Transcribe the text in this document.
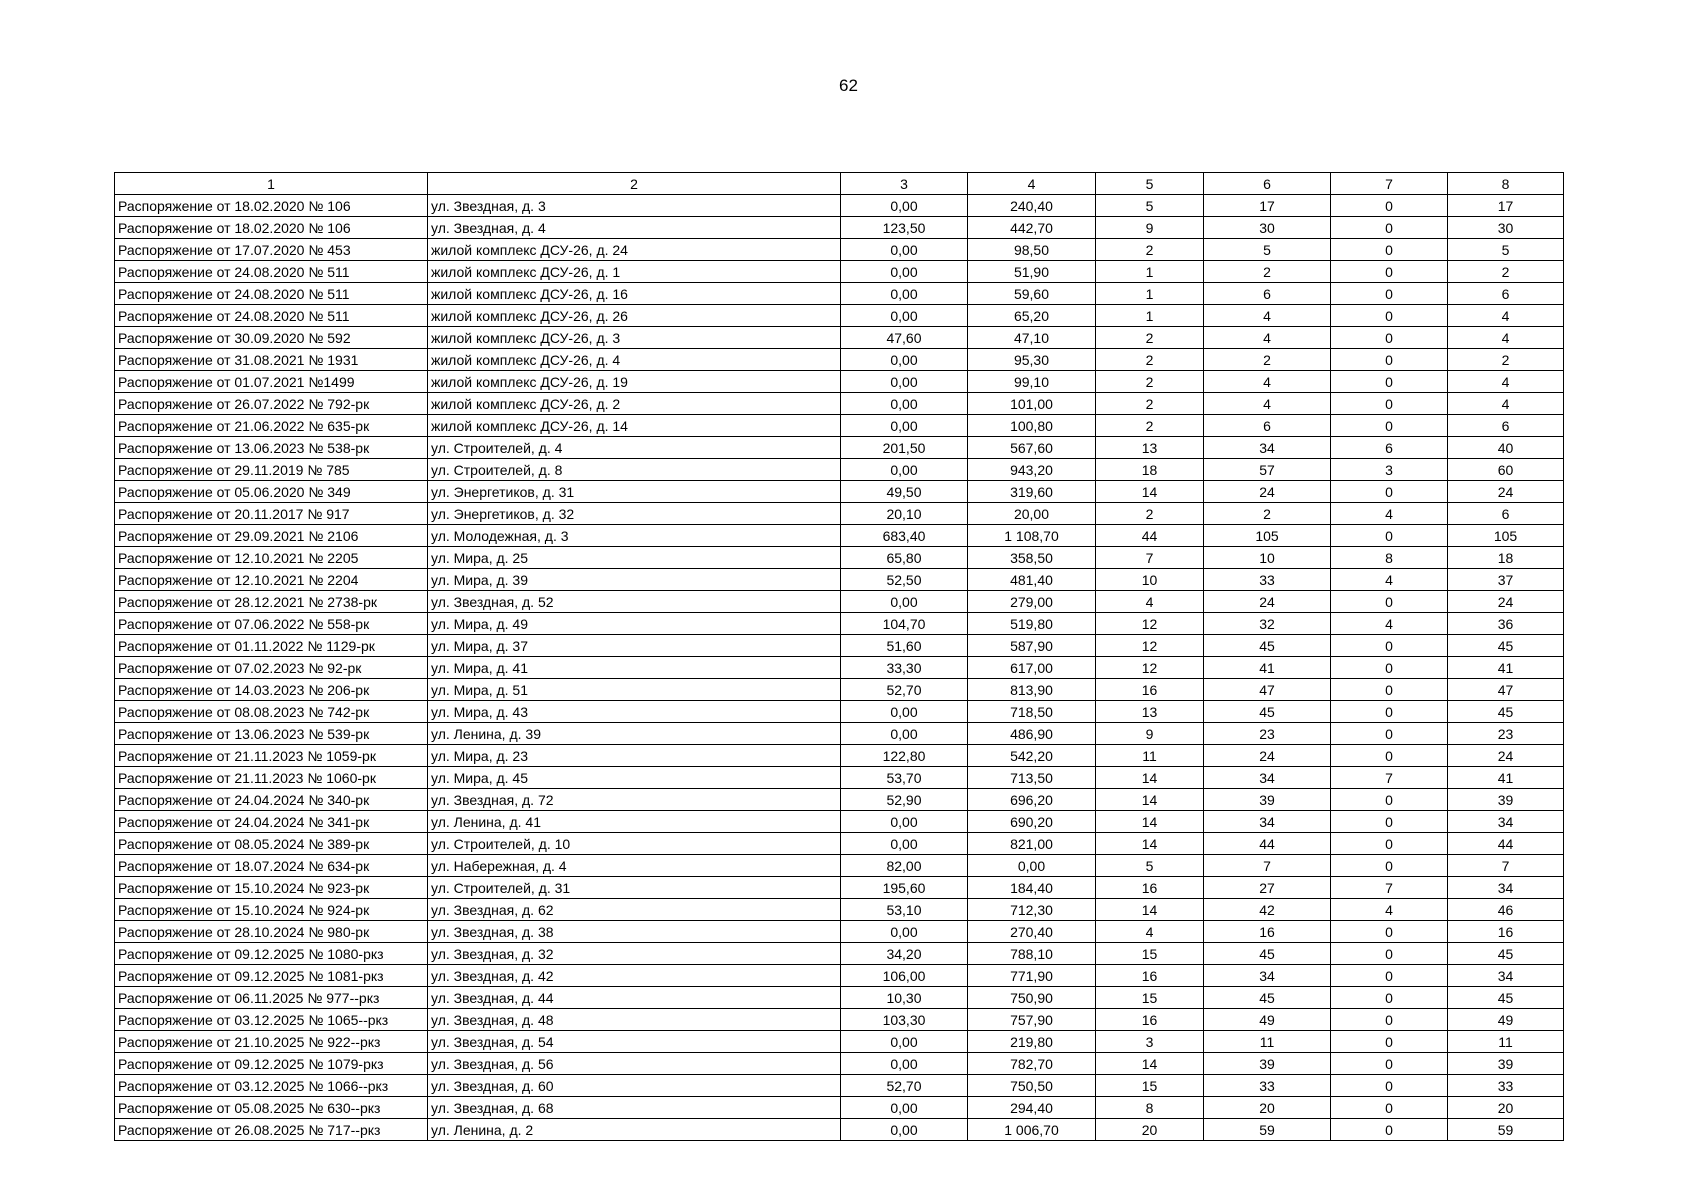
62
1	2	3	4	5	6	7	8
Распоряжение от 18.02.2020 № 106	ул. Звездная, д. 3	0,00	240,40	5	17	0	17
Распоряжение от 18.02.2020 № 106	ул. Звездная, д. 4	123,50	442,70	9	30	0	30
Распоряжение от 17.07.2020 № 453	жилой комплекс ДСУ-26, д. 24	0,00	98,50	2	5	0	5
Распоряжение от 24.08.2020 № 511	жилой комплекс ДСУ-26, д. 1	0,00	51,90	1	2	0	2
Распоряжение от 24.08.2020 № 511	жилой комплекс ДСУ-26, д. 16	0,00	59,60	1	6	0	6
Распоряжение от 24.08.2020 № 511	жилой комплекс ДСУ-26, д. 26	0,00	65,20	1	4	0	4
Распоряжение от 30.09.2020 № 592	жилой комплекс ДСУ-26, д. 3	47,60	47,10	2	4	0	4
Распоряжение от 31.08.2021 № 1931	жилой комплекс ДСУ-26, д. 4	0,00	95,30	2	2	0	2
Распоряжение от 01.07.2021 №1499	жилой комплекс ДСУ-26, д. 19	0,00	99,10	2	4	0	4
Распоряжение от 26.07.2022 № 792-рк	жилой комплекс ДСУ-26, д. 2	0,00	101,00	2	4	0	4
Распоряжение от 21.06.2022 № 635-рк	жилой комплекс ДСУ-26, д. 14	0,00	100,80	2	6	0	6
Распоряжение от 13.06.2023 № 538-рк	ул. Строителей, д. 4	201,50	567,60	13	34	6	40
Распоряжение от 29.11.2019 № 785	ул. Строителей, д. 8	0,00	943,20	18	57	3	60
Распоряжение от 05.06.2020 № 349	ул. Энергетиков, д. 31	49,50	319,60	14	24	0	24
Распоряжение от 20.11.2017 № 917	ул. Энергетиков, д. 32	20,10	20,00	2	2	4	6
Распоряжение от 29.09.2021 № 2106	ул. Молодежная, д. 3	683,40	1 108,70	44	105	0	105
Распоряжение от 12.10.2021 № 2205	ул. Мира, д. 25	65,80	358,50	7	10	8	18
Распоряжение от 12.10.2021 № 2204	ул. Мира, д. 39	52,50	481,40	10	33	4	37
Распоряжение от 28.12.2021 № 2738-рк	ул. Звездная, д. 52	0,00	279,00	4	24	0	24
Распоряжение от 07.06.2022 № 558-рк	ул. Мира, д. 49	104,70	519,80	12	32	4	36
Распоряжение от 01.11.2022 № 1129-рк	ул. Мира, д. 37	51,60	587,90	12	45	0	45
Распоряжение от 07.02.2023 № 92-рк	ул. Мира, д. 41	33,30	617,00	12	41	0	41
Распоряжение от 14.03.2023 № 206-рк	ул. Мира, д. 51	52,70	813,90	16	47	0	47
Распоряжение от 08.08.2023 № 742-рк	ул. Мира, д. 43	0,00	718,50	13	45	0	45
Распоряжение от 13.06.2023 № 539-рк	ул. Ленина, д. 39	0,00	486,90	9	23	0	23
Распоряжение от 21.11.2023 № 1059-рк	ул. Мира, д. 23	122,80	542,20	11	24	0	24
Распоряжение от 21.11.2023 № 1060-рк	ул. Мира, д. 45	53,70	713,50	14	34	7	41
Распоряжение от 24.04.2024 № 340-рк	ул. Звездная, д. 72	52,90	696,20	14	39	0	39
Распоряжение от 24.04.2024 № 341-рк	ул. Ленина, д. 41	0,00	690,20	14	34	0	34
Распоряжение от 08.05.2024 № 389-рк	ул. Строителей, д. 10	0,00	821,00	14	44	0	44
Распоряжение от 18.07.2024 № 634-рк	ул. Набережная, д. 4	82,00	0,00	5	7	0	7
Распоряжение от 15.10.2024 № 923-рк	ул. Строителей, д. 31	195,60	184,40	16	27	7	34
Распоряжение от 15.10.2024 № 924-рк	ул. Звездная, д. 62	53,10	712,30	14	42	4	46
Распоряжение от 28.10.2024 № 980-рк	ул. Звездная, д. 38	0,00	270,40	4	16	0	16
Распоряжение от 09.12.2025 № 1080-ркз	ул. Звездная, д. 32	34,20	788,10	15	45	0	45
Распоряжение от 09.12.2025 № 1081-ркз	ул. Звездная, д. 42	106,00	771,90	16	34	0	34
Распоряжение от 06.11.2025 № 977--ркз	ул. Звездная, д. 44	10,30	750,90	15	45	0	45
Распоряжение от 03.12.2025 № 1065--ркз	ул. Звездная, д. 48	103,30	757,90	16	49	0	49
Распоряжение от 21.10.2025 № 922--ркз	ул. Звездная, д. 54	0,00	219,80	3	11	0	11
Распоряжение от 09.12.2025 № 1079-ркз	ул. Звездная, д. 56	0,00	782,70	14	39	0	39
Распоряжение от 03.12.2025 № 1066--ркз	ул. Звездная, д. 60	52,70	750,50	15	33	0	33
Распоряжение от 05.08.2025 № 630--ркз	ул. Звездная, д. 68	0,00	294,40	8	20	0	20
Распоряжение от 26.08.2025 № 717--ркз	ул. Ленина, д. 2	0,00	1 006,70	20	59	0	59
